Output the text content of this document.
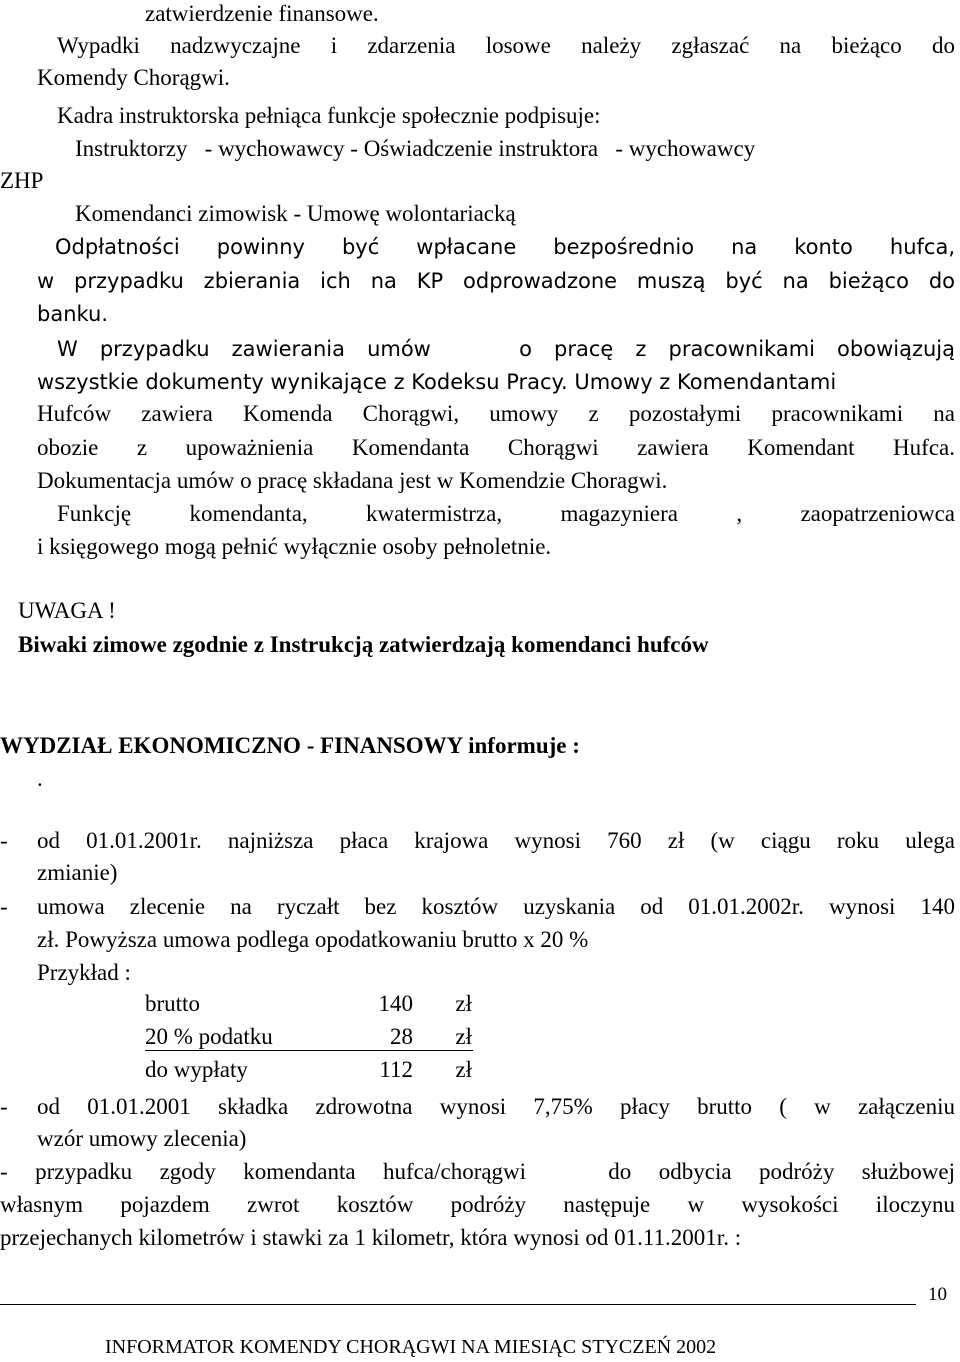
zatwierdzenie finansowe.
Wypadki nadzwyczajne i zdarzenia losowe należy zgłaszać na bieżąco do
Komendy Chorągwi.
Kadra instruktorska pełniąca funkcje społecznie podpisuje:
Instruktorzy   - wychowawcy - Oświadczenie instruktora   - wychowawcy
ZHP
Komendanci zimowisk - Umowę wolontariacką
Odpłatności powinny być wpłacane bezpośrednio na konto hufca,
w przypadku zbierania ich na KP odprowadzone muszą być na bieżąco do
banku.
W przypadku zawierania umów    o pracę z pracownikami obowiązują
wszystkie dokumenty wynikające z Kodeksu Pracy. Umowy z Komendantami
Hufców zawiera Komenda Chorągwi, umowy z pozostałymi pracownikami na
obozie z upoważnienia Komendanta Chorągwi zawiera Komendant Hufca.
Dokumentacja umów o pracę składana jest w Komendzie Choragwi.
Funkcję komendanta, kwatermistrza, magazyniera , zaopatrzeniowca
i księgowego mogą pełnić wyłącznie osoby pełnoletnie.
UWAGA !
Biwaki zimowe zgodnie z Instrukcją zatwierdzają komendanci hufców
WYDZIAŁ EKONOMICZNO - FINANSOWY informuje :
.
- od 01.01.2001r. najniższa płaca krajowa wynosi 760 zł (w ciągu roku ulega
zmianie)
- umowa zlecenie na ryczałt bez kosztów uzyskania od 01.01.2002r. wynosi 140
zł. Powyższa umowa podlega opodatkowaniu brutto x 20 %
Przykład :
brutto	140 zł
20 % podatku	28 zł
do wypłaty	112 zł
- od 01.01.2001 składka zdrowotna wynosi 7,75% płacy brutto ( w załączeniu
wzór umowy zlecenia)
- przypadku zgody komendanta hufca/chorągwi   do odbycia podróży służbowej
własnym pojazdem zwrot kosztów podróży następuje w wysokości iloczynu
przejechanych kilometrów i stawki za 1 kilometr, która wynosi od 01.11.2001r. :
10
INFORMATOR KOMENDY CHORĄGWI NA MIESIĄC STYCZEŃ 2002
